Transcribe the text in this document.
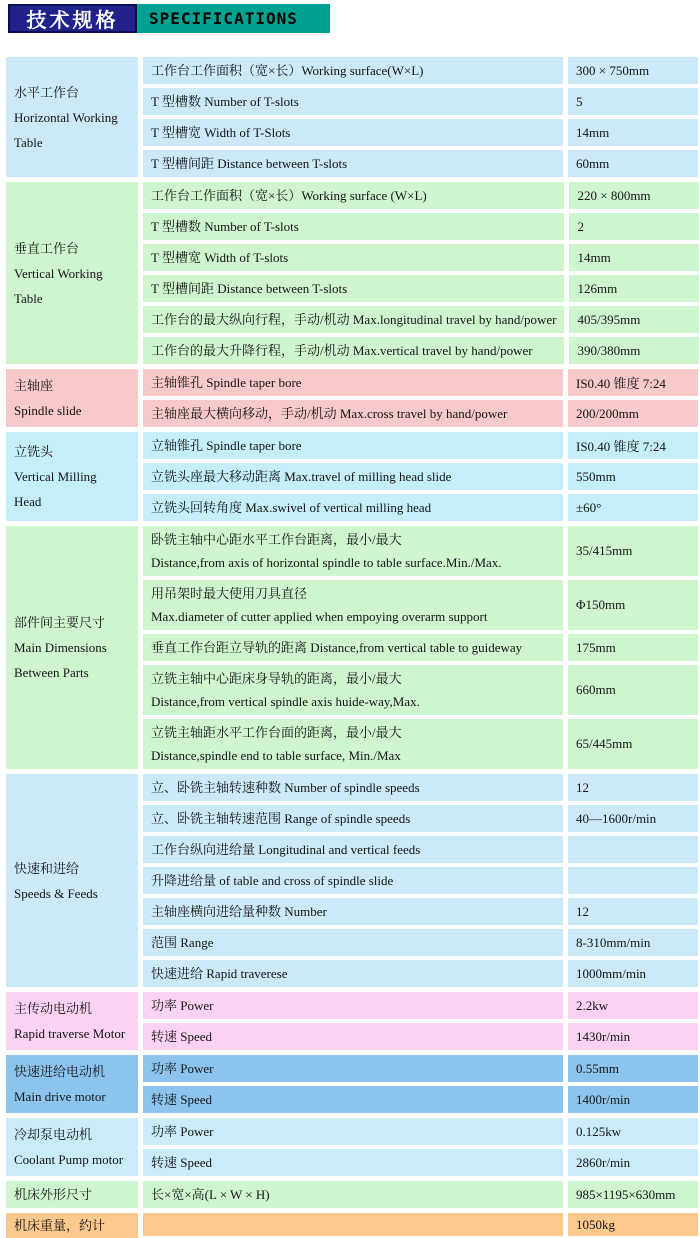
技术规格 SPECIFICATIONS
水平工作台
Horizontal Working
Table
工作台工作面积（宽×长）Working surface(W×L)	300 × 750mm
T 型槽数 Number of T-slots	5
T 型槽宽 Width of T-Slots	14mm
T 型槽间距 Distance between T-slots	60mm
垂直工作台
Vertical Working
Table
工作台工作面积（宽×长）Working surface (W×L)	220 × 800mm
T 型槽数 Number of T-slots	2
T 型槽宽 Width of T-slots	14mm
T 型槽间距 Distance between T-slots	126mm
工作台的最大纵向行程，手动/机动 Max.longitudinal travel by hand/power	405/395mm
工作台的最大升降行程，手动/机动 Max.vertical travel by hand/power	390/380mm
主轴座
Spindle slide
主轴锥孔 Spindle taper bore	IS0.40 锥度 7:24
主轴座最大横向移动，手动/机动 Max.cross travel by hand/power	200/200mm
立铣头
Vertical Milling
Head
立轴锥孔 Spindle taper bore	IS0.40 锥度 7:24
立铣头座最大移动距离 Max.travel of milling head slide	550mm
立铣头回转角度 Max.swivel of vertical milling head	±60°
部件间主要尺寸
Main Dimensions
Between Parts
卧铣主轴中心距水平工作台距离，最小/最大
Distance,from axis of horizontal spindle to table surface.Min./Max.
35/415mm
用吊架时最大使用刀具直径
Max.diameter of cutter applied when empoying overarm support
Φ150mm
垂直工作台距立导轨的距离 Distance,from vertical table to guideway	175mm
立铣主轴中心距床身导轨的距离，最小/最大
Distance,from vertical spindle axis huide-way,Max.
660mm
立铣主轴距水平工作台面的距离，最小/最大
Distance,spindle end to table surface, Min./Max
65/445mm
快速和进给
Speeds & Feeds
立、卧铣主轴转速种数 Number of spindle speeds	12
立、卧铣主轴转速范围 Range of spindle speeds	40—1600r/min
工作台纵向进给量 Longitudinal and vertical feeds
升降进给量 of table and cross of spindle slide
主轴座横向进给量种数 Number	12
范围 Range	8-310mm/min
快速进给 Rapid traverese	1000mm/min
主传动电动机
Rapid traverse Motor
功率 Power	2.2kw
转速 Speed	1430r/min
快速进给电动机
Main drive motor
功率 Power	0.55mm
转速 Speed	1400r/min
冷却泵电动机
Coolant Pump motor
功率 Power	0.125kw
转速 Speed	2860r/min
机床外形尺寸	长×宽×高(L × W × H)	985×1195×630mm
机床重量，约计	1050kg
